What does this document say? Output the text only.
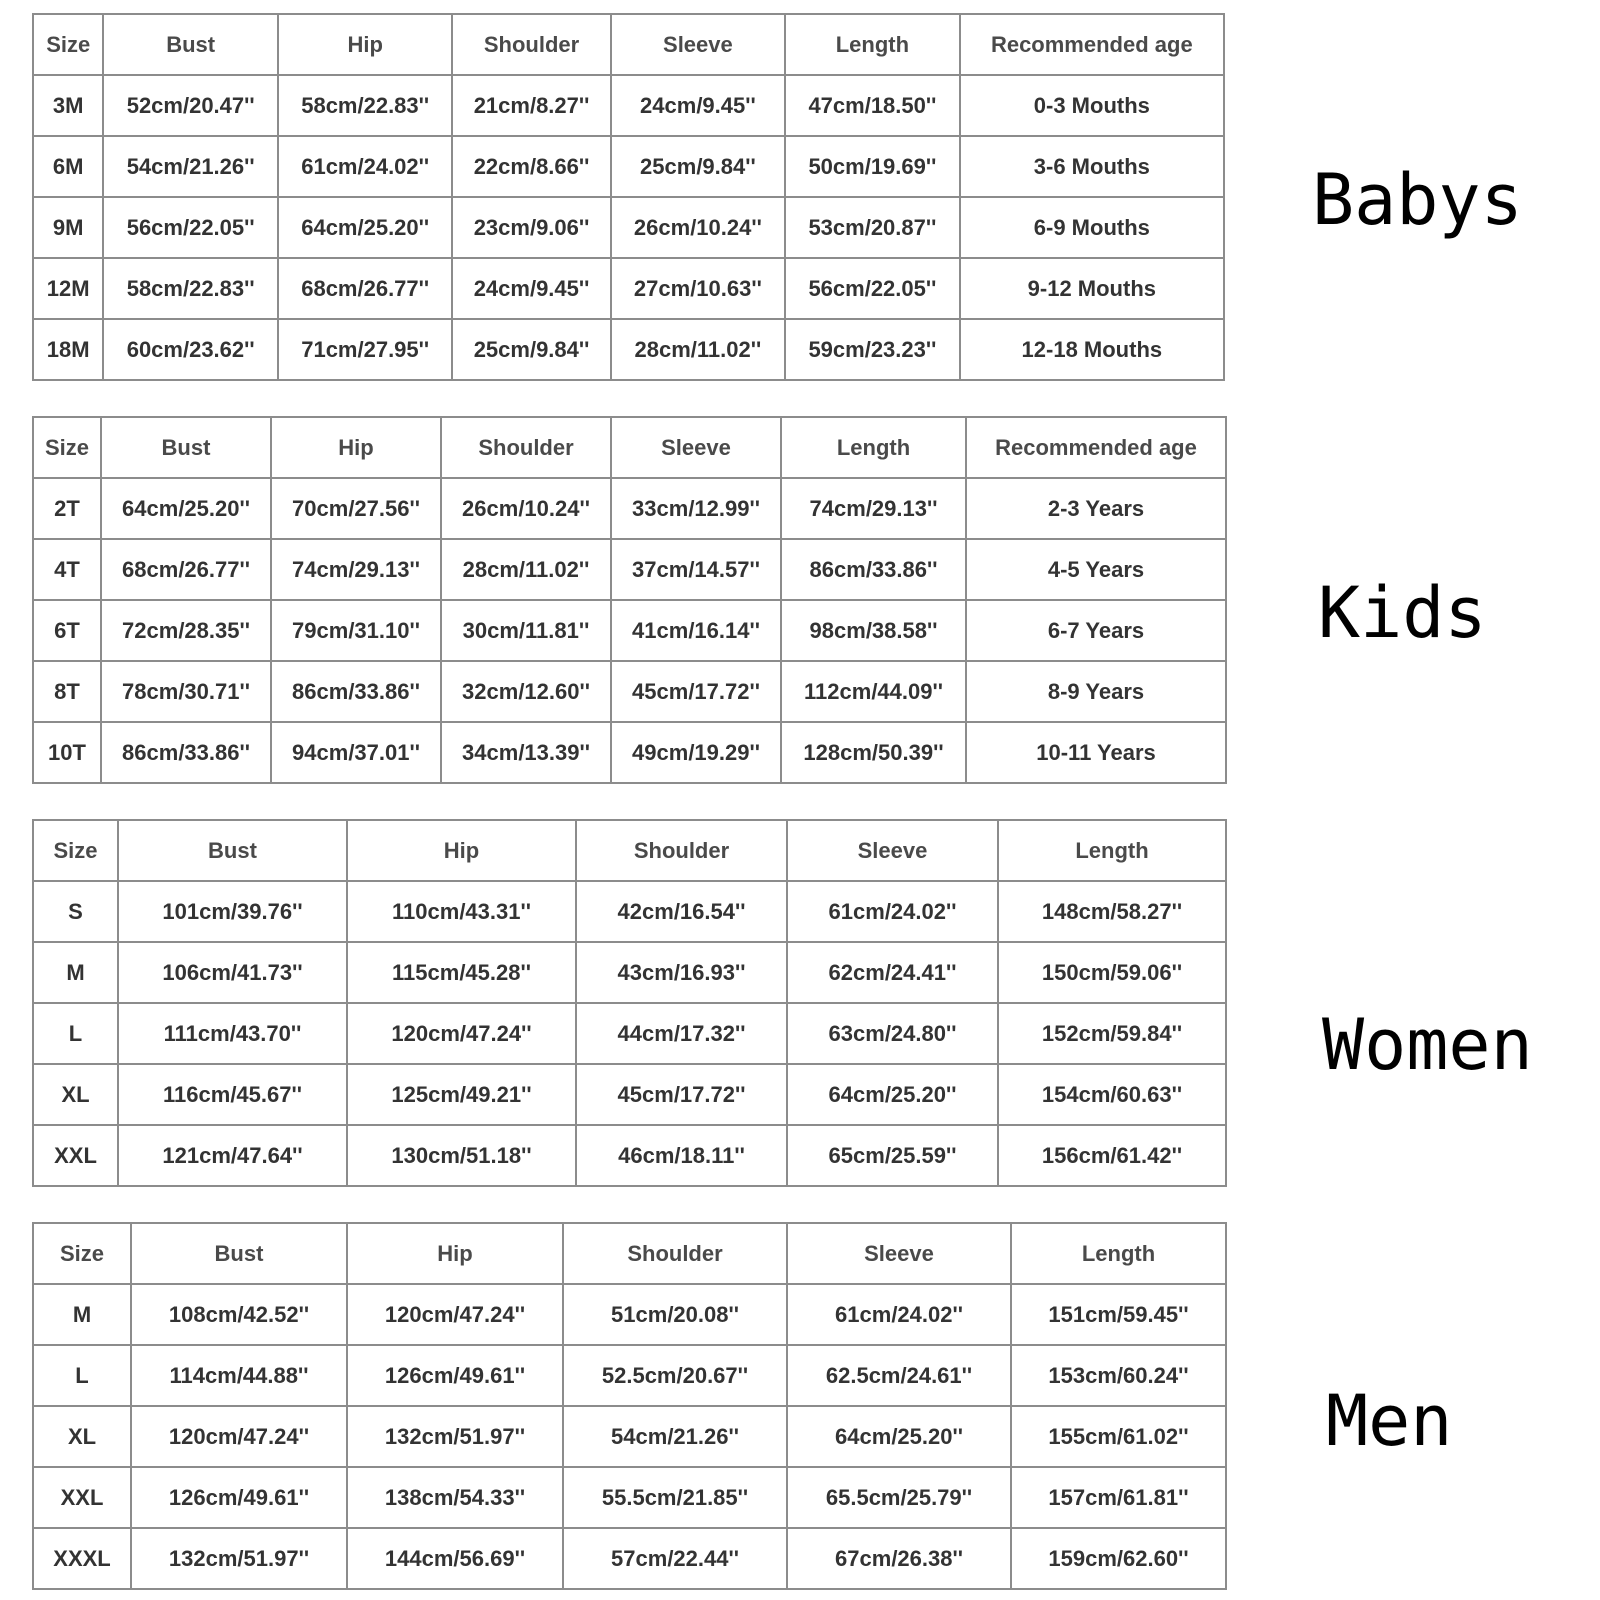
Size	Bust	Hip	Shoulder	Sleeve	Length	Recommended age
3M	52cm/20.47''	58cm/22.83''	21cm/8.27''	24cm/9.45''	47cm/18.50''	0-3 Mouths
6M	54cm/21.26''	61cm/24.02''	22cm/8.66''	25cm/9.84''	50cm/19.69''	3-6 Mouths
9M	56cm/22.05''	64cm/25.20''	23cm/9.06''	26cm/10.24''	53cm/20.87''	6-9 Mouths
12M	58cm/22.83''	68cm/26.77''	24cm/9.45''	27cm/10.63''	56cm/22.05''	9-12 Mouths
18M	60cm/23.62''	71cm/27.95''	25cm/9.84''	28cm/11.02''	59cm/23.23''	12-18 Mouths
Babys
Size	Bust	Hip	Shoulder	Sleeve	Length	Recommended age
2T	64cm/25.20''	70cm/27.56''	26cm/10.24''	33cm/12.99''	74cm/29.13''	2-3 Years
4T	68cm/26.77''	74cm/29.13''	28cm/11.02''	37cm/14.57''	86cm/33.86''	4-5 Years
6T	72cm/28.35''	79cm/31.10''	30cm/11.81''	41cm/16.14''	98cm/38.58''	6-7 Years
8T	78cm/30.71''	86cm/33.86''	32cm/12.60''	45cm/17.72''	112cm/44.09''	8-9 Years
10T	86cm/33.86''	94cm/37.01''	34cm/13.39''	49cm/19.29''	128cm/50.39''	10-11 Years
Kids
Size	Bust	Hip	Shoulder	Sleeve	Length
S	101cm/39.76''	110cm/43.31''	42cm/16.54''	61cm/24.02''	148cm/58.27''
M	106cm/41.73''	115cm/45.28''	43cm/16.93''	62cm/24.41''	150cm/59.06''
L	111cm/43.70''	120cm/47.24''	44cm/17.32''	63cm/24.80''	152cm/59.84''
XL	116cm/45.67''	125cm/49.21''	45cm/17.72''	64cm/25.20''	154cm/60.63''
XXL	121cm/47.64''	130cm/51.18''	46cm/18.11''	65cm/25.59''	156cm/61.42''
Women
Size	Bust	Hip	Shoulder	Sleeve	Length
M	108cm/42.52''	120cm/47.24''	51cm/20.08''	61cm/24.02''	151cm/59.45''
L	114cm/44.88''	126cm/49.61''	52.5cm/20.67''	62.5cm/24.61''	153cm/60.24''
XL	120cm/47.24''	132cm/51.97''	54cm/21.26''	64cm/25.20''	155cm/61.02''
XXL	126cm/49.61''	138cm/54.33''	55.5cm/21.85''	65.5cm/25.79''	157cm/61.81''
XXXL	132cm/51.97''	144cm/56.69''	57cm/22.44''	67cm/26.38''	159cm/62.60''
Men
